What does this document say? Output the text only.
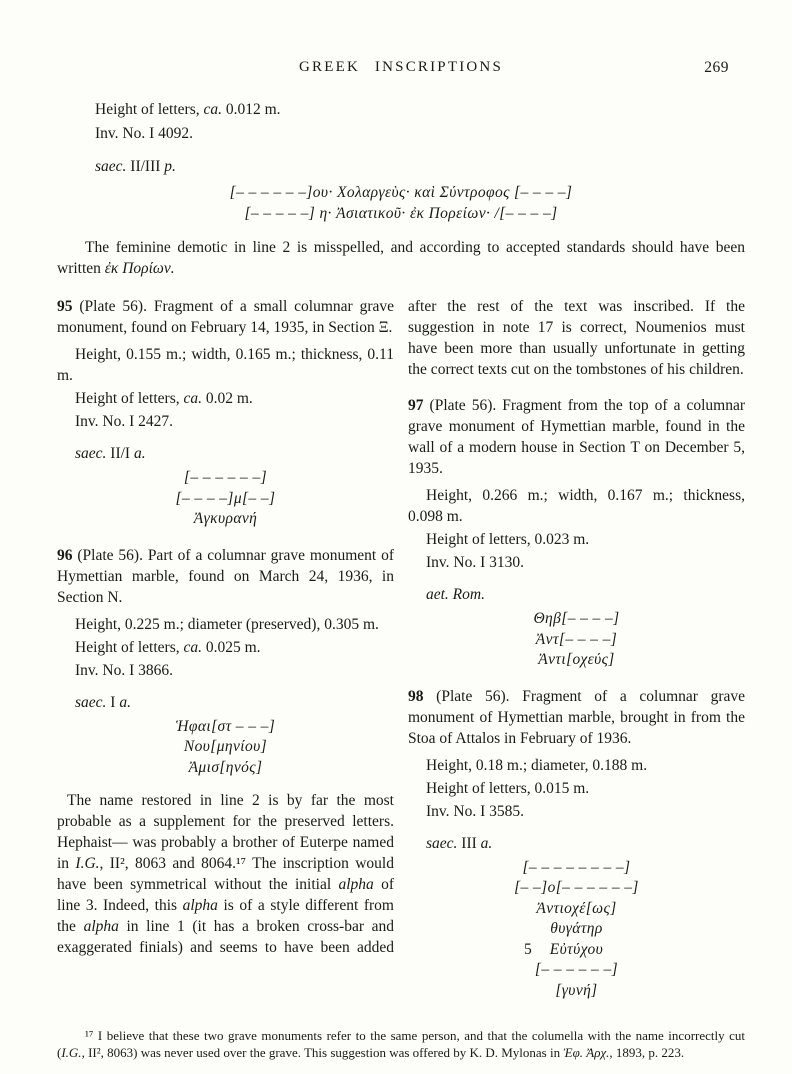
GREEK INSCRIPTIONS	269

Height of letters, ca. 0.012 m.

Inv. No. I 4092.

saec. II/III p.

[– – – – – –]ου· Χολαργεὺς· καὶ Σύντροφος [– – – –]
[– – – – –] η· Ἀσιατικοῦ· ἐκ Πορείων· /[– – – –]

The feminine demotic in line 2 is misspelled, and according to accepted standards should have been written ἐκ Πορίων.

95 (Plate 56). Fragment of a small columnar grave monument, found on February 14, 1935, in Section Ξ.

Height, 0.155 m.; width, 0.165 m.; thickness, 0.11 m.

Height of letters, ca. 0.02 m.

Inv. No. I 2427.

saec. II/I a.

[– – – – – –]
[– – – –]μ[– –]
Ἀγκυρανή

96 (Plate 56). Part of a columnar grave monument of Hymettian marble, found on March 24, 1936, in Section Ν.

Height, 0.225 m.; diameter (preserved), 0.305 m.

Height of letters, ca. 0.025 m.

Inv. No. I 3866.

saec. I a.

Ἡφαι[στ – – –]
Νου[μηνίου]
Ἀμισ[ηνός]

The name restored in line 2 is by far the most probable as a supplement for the preserved letters. Hephaist— was probably a brother of Euterpe named in I.G., II², 8063 and 8064.¹⁷ The inscription would have been symmetrical without the initial alpha of line 3. Indeed, this alpha is of a style different from the alpha in line 1 (it has a broken cross-bar and exaggerated finials) and seems to have been added

after the rest of the text was inscribed. If the suggestion in note 17 is correct, Noumenios must have been more than usually unfortunate in getting the correct texts cut on the tombstones of his children.

97 (Plate 56). Fragment from the top of a columnar grave monument of Hymettian marble, found in the wall of a modern house in Section Τ on December 5, 1935.

Height, 0.266 m.; width, 0.167 m.; thickness, 0.098 m.

Height of letters, 0.023 m.

Inv. No. I 3130.

aet. Rom.

Θηβ[– – – –]
Ἀντ[– – – –]
Ἀντι[οχεύς]

98 (Plate 56). Fragment of a columnar grave monument of Hymettian marble, brought in from the Stoa of Attalos in February of 1936.

Height, 0.18 m.; diameter, 0.188 m.

Height of letters, 0.015 m.

Inv. No. I 3585.

saec. III a.

[– – – – – – – –]
[– –]ο[– – – – – –]
Ἀντιοχέ[ως]
θυγάτηρ
5 Εὐτύχου
[– – – – – –]
[γυνή]

¹⁷ I believe that these two grave monuments refer to the same person, and that the columella with the name incorrectly cut (I.G., II², 8063) was never used over the grave. This suggestion was offered by K. D. Mylonas in Ἐφ. Ἀρχ., 1893, p. 223.
